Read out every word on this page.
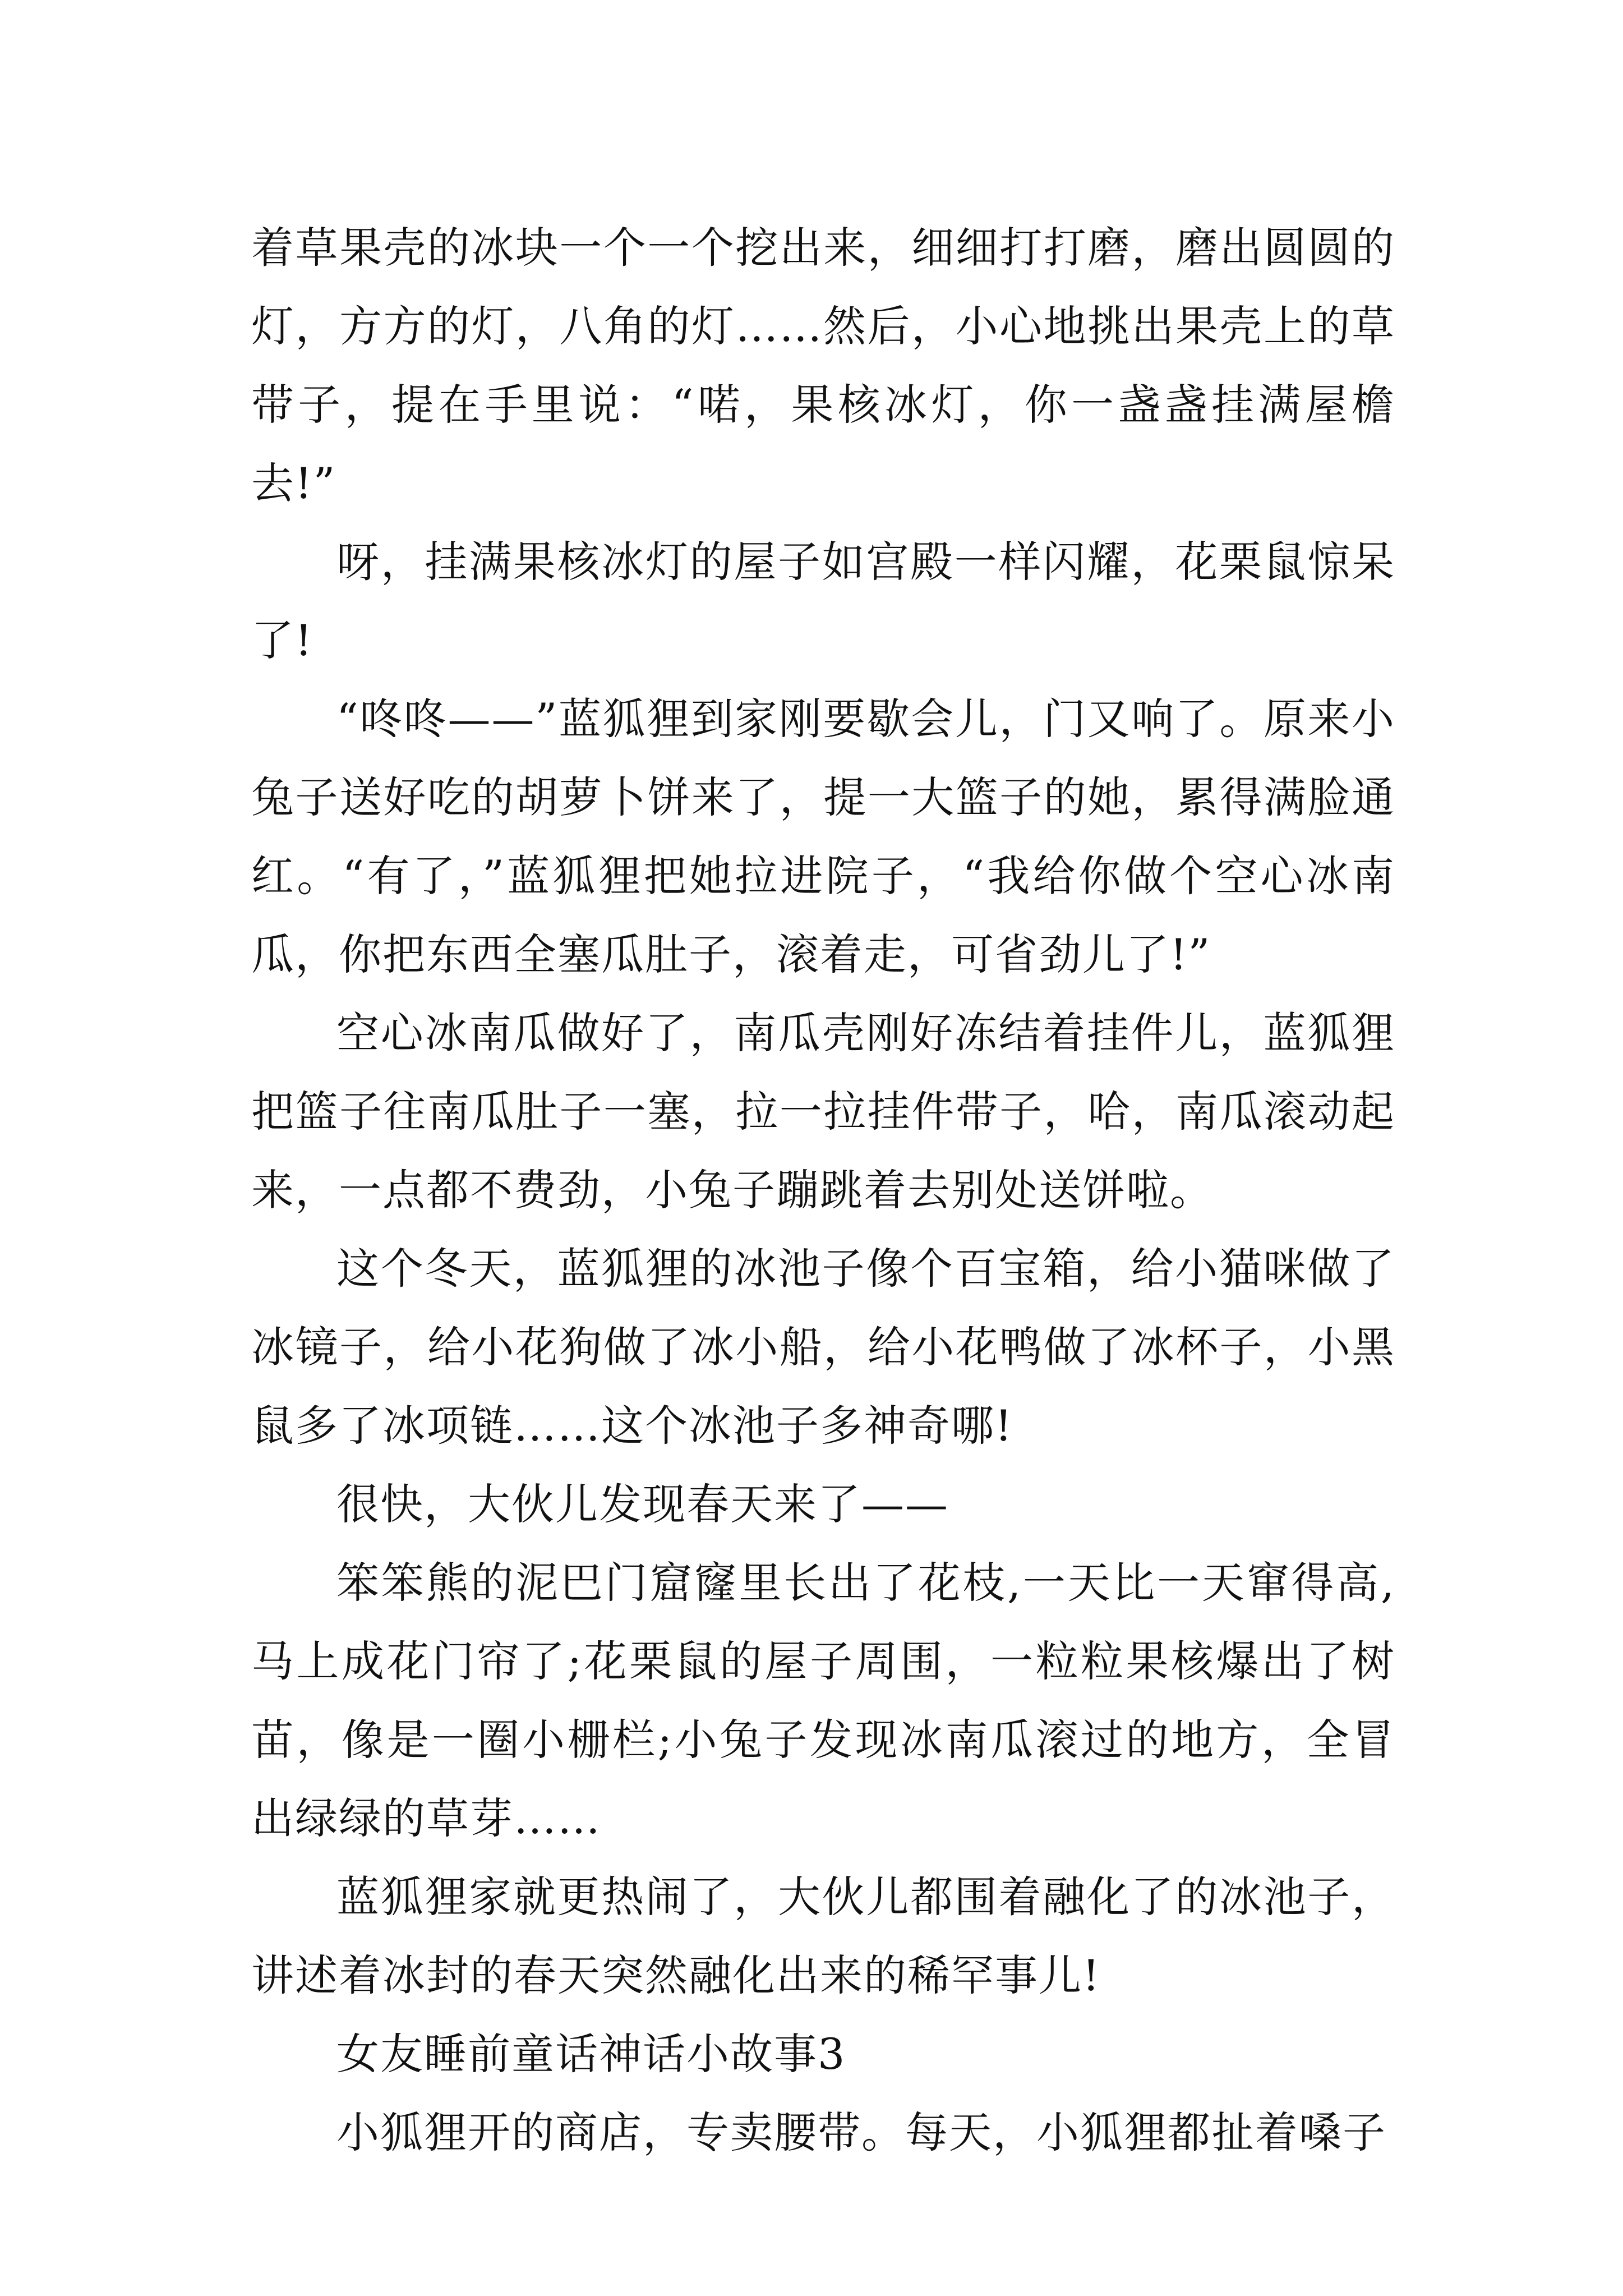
着草果壳的冰块一个一个挖出来，细细打打磨，磨出圆圆的灯，方方的灯，八角的灯……然后，小心地挑出果壳上的草带子，提在手里说：“喏，果核冰灯，你一盏盏挂满屋檐去!”

呀，挂满果核冰灯的屋子如宫殿一样闪耀，花栗鼠惊呆了!

“咚咚——”蓝狐狸到家刚要歇会儿，门又响了。原来小兔子送好吃的胡萝卜饼来了，提一大篮子的她，累得满脸通红。“有了，”蓝狐狸把她拉进院子，“我给你做个空心冰南瓜，你把东西全塞瓜肚子，滚着走，可省劲儿了!”

空心冰南瓜做好了，南瓜壳刚好冻结着挂件儿，蓝狐狸把篮子往南瓜肚子一塞，拉一拉挂件带子，哈，南瓜滚动起来，一点都不费劲，小兔子蹦跳着去别处送饼啦。

这个冬天，蓝狐狸的冰池子像个百宝箱，给小猫咪做了冰镜子，给小花狗做了冰小船，给小花鸭做了冰杯子，小黑鼠多了冰项链……这个冰池子多神奇哪!

很快，大伙儿发现春天来了——

笨笨熊的泥巴门窟窿里长出了花枝,一天比一天窜得高,马上成花门帘了;花栗鼠的屋子周围，一粒粒果核爆出了树苗，像是一圈小栅栏;小兔子发现冰南瓜滚过的地方，全冒出绿绿的草芽……

蓝狐狸家就更热闹了，大伙儿都围着融化了的冰池子，讲述着冰封的春天突然融化出来的稀罕事儿!

女友睡前童话神话小故事3

小狐狸开的商店，专卖腰带。每天，小狐狸都扯着嗓子
